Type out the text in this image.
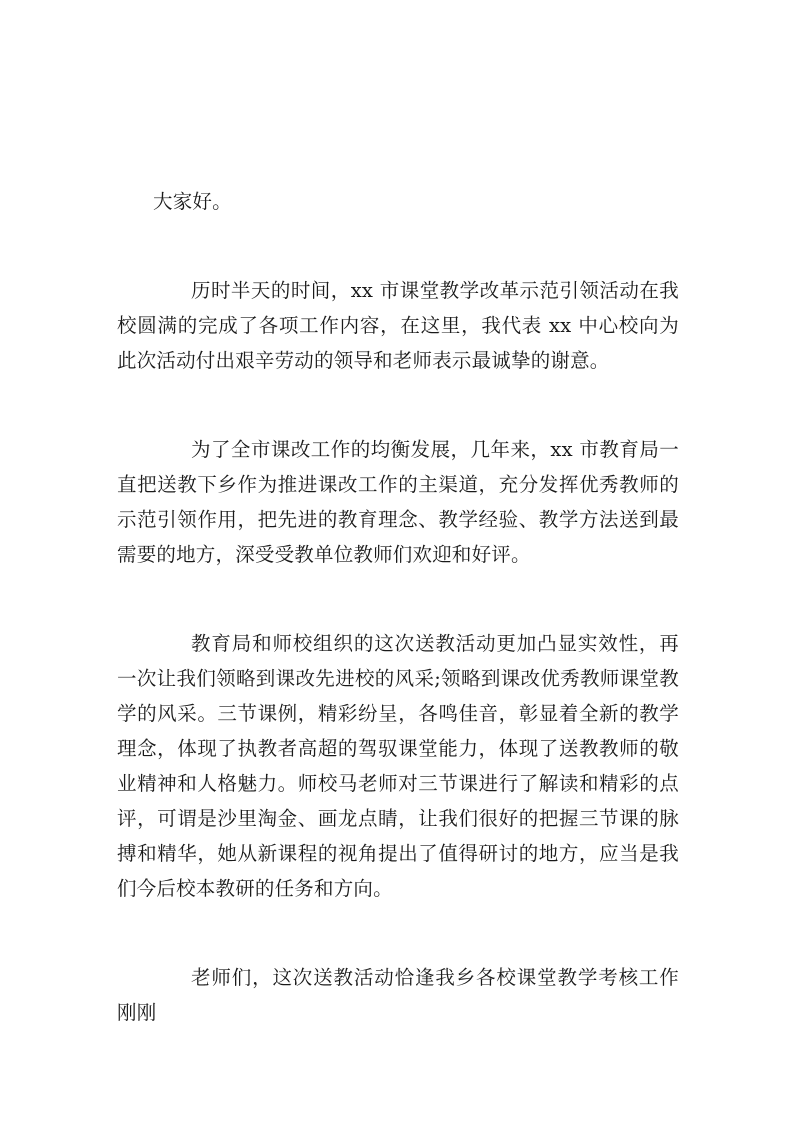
大家好。

历时半天的时间，xx 市课堂教学改革示范引领活动在我校圆满的完成了各项工作内容，在这里，我代表 xx 中心校向为此次活动付出艰辛劳动的领导和老师表示最诚挚的谢意。

为了全市课改工作的均衡发展，几年来，xx 市教育局一直把送教下乡作为推进课改工作的主渠道，充分发挥优秀教师的示范引领作用，把先进的教育理念、教学经验、教学方法送到最需要的地方，深受受教单位教师们欢迎和好评。

教育局和师校组织的这次送教活动更加凸显实效性，再一次让我们领略到课改先进校的风采;领略到课改优秀教师课堂教学的风采。三节课例，精彩纷呈，各鸣佳音，彰显着全新的教学理念，体现了执教者高超的驾驭课堂能力，体现了送教教师的敬业精神和人格魅力。师校马老师对三节课进行了解读和精彩的点评，可谓是沙里淘金、画龙点睛，让我们很好的把握三节课的脉搏和精华，她从新课程的视角提出了值得研讨的地方，应当是我们今后校本教研的任务和方向。

老师们，这次送教活动恰逢我乡各校课堂教学考核工作刚刚
